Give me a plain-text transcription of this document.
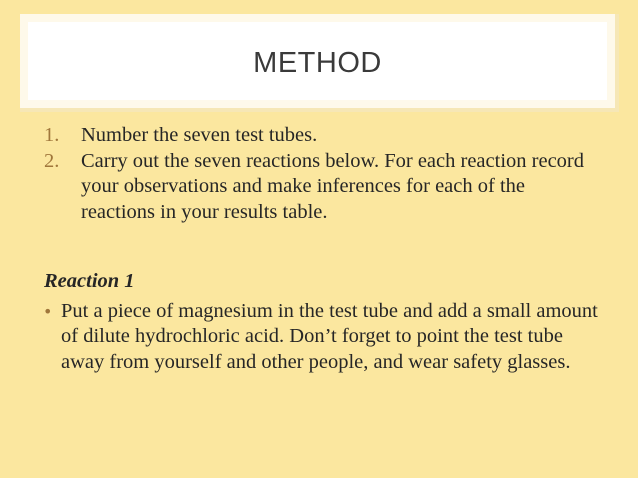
METHOD
1. Number the seven test tubes.
2. Carry out the seven reactions below. For each reaction record your observations and make inferences for each of the reactions in your results table.
Reaction 1
• Put a piece of magnesium in the test tube and add a small amount of dilute hydrochloric acid. Don’t forget to point the test tube away from yourself and other people, and wear safety glasses.
